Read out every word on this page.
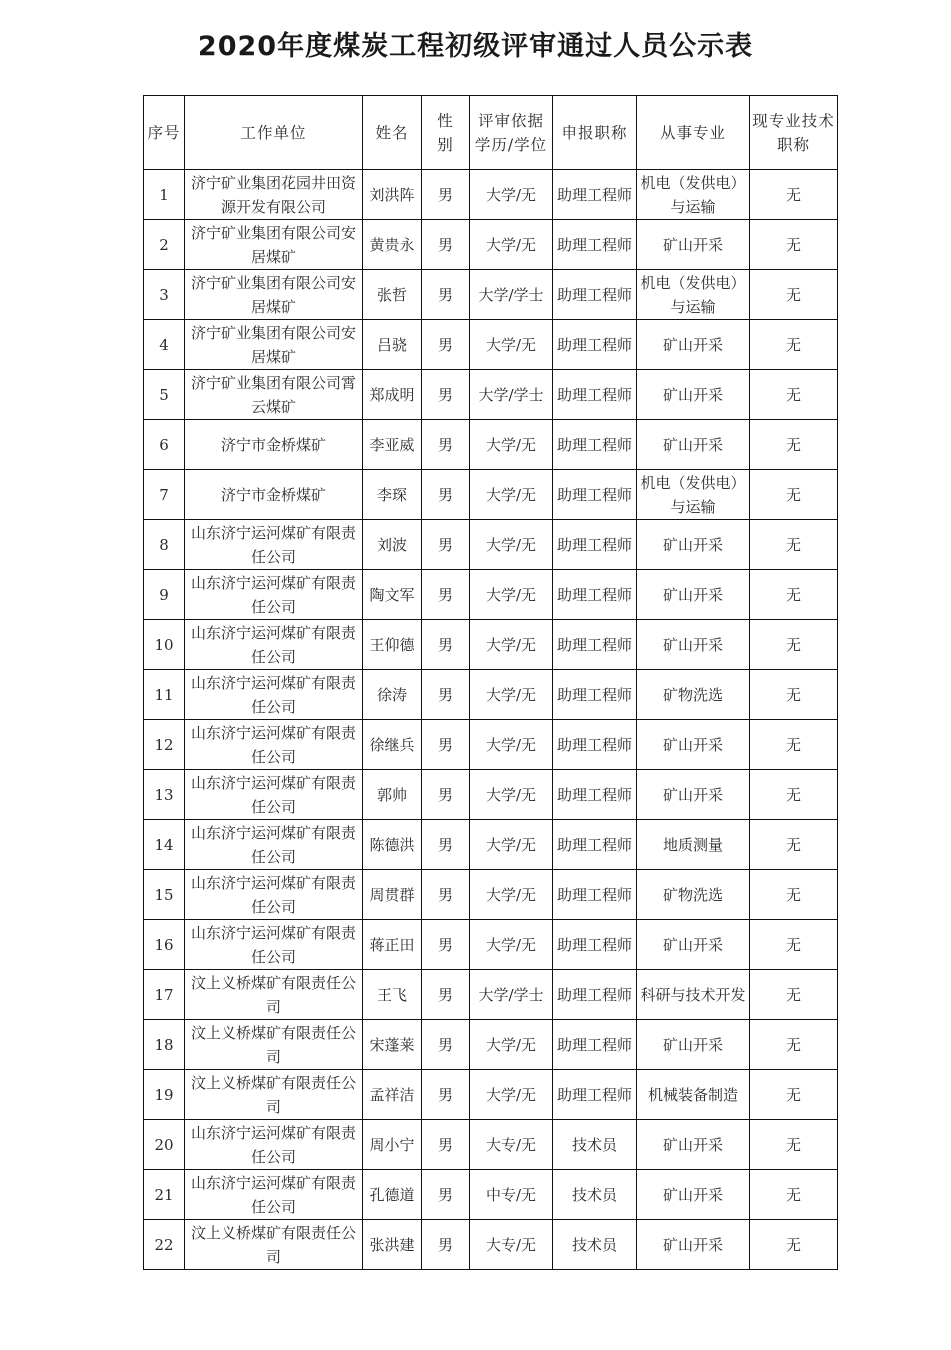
2020年度煤炭工程初级评审通过人员公示表
序号	工作单位	姓名	性别	评审依据学历/学位	申报职称	从事专业	现专业技术职称
1	济宁矿业集团花园井田资源开发有限公司	刘洪阵	男	大学/无	助理工程师	机电（发供电）与运输	无
2	济宁矿业集团有限公司安居煤矿	黄贵永	男	大学/无	助理工程师	矿山开采	无
3	济宁矿业集团有限公司安居煤矿	张哲	男	大学/学士	助理工程师	机电（发供电）与运输	无
4	济宁矿业集团有限公司安居煤矿	吕骁	男	大学/无	助理工程师	矿山开采	无
5	济宁矿业集团有限公司霄云煤矿	郑成明	男	大学/学士	助理工程师	矿山开采	无
6	济宁市金桥煤矿	李亚威	男	大学/无	助理工程师	矿山开采	无
7	济宁市金桥煤矿	李琛	男	大学/无	助理工程师	机电（发供电）与运输	无
8	山东济宁运河煤矿有限责任公司	刘波	男	大学/无	助理工程师	矿山开采	无
9	山东济宁运河煤矿有限责任公司	陶文军	男	大学/无	助理工程师	矿山开采	无
10	山东济宁运河煤矿有限责任公司	王仰德	男	大学/无	助理工程师	矿山开采	无
11	山东济宁运河煤矿有限责任公司	徐涛	男	大学/无	助理工程师	矿物洗选	无
12	山东济宁运河煤矿有限责任公司	徐继兵	男	大学/无	助理工程师	矿山开采	无
13	山东济宁运河煤矿有限责任公司	郭帅	男	大学/无	助理工程师	矿山开采	无
14	山东济宁运河煤矿有限责任公司	陈德洪	男	大学/无	助理工程师	地质测量	无
15	山东济宁运河煤矿有限责任公司	周贯群	男	大学/无	助理工程师	矿物洗选	无
16	山东济宁运河煤矿有限责任公司	蒋正田	男	大学/无	助理工程师	矿山开采	无
17	汶上义桥煤矿有限责任公司	王飞	男	大学/学士	助理工程师	科研与技术开发	无
18	汶上义桥煤矿有限责任公司	宋蓬莱	男	大学/无	助理工程师	矿山开采	无
19	汶上义桥煤矿有限责任公司	孟祥洁	男	大学/无	助理工程师	机械装备制造	无
20	山东济宁运河煤矿有限责任公司	周小宁	男	大专/无	技术员	矿山开采	无
21	山东济宁运河煤矿有限责任公司	孔德道	男	中专/无	技术员	矿山开采	无
22	汶上义桥煤矿有限责任公司	张洪建	男	大专/无	技术员	矿山开采	无
